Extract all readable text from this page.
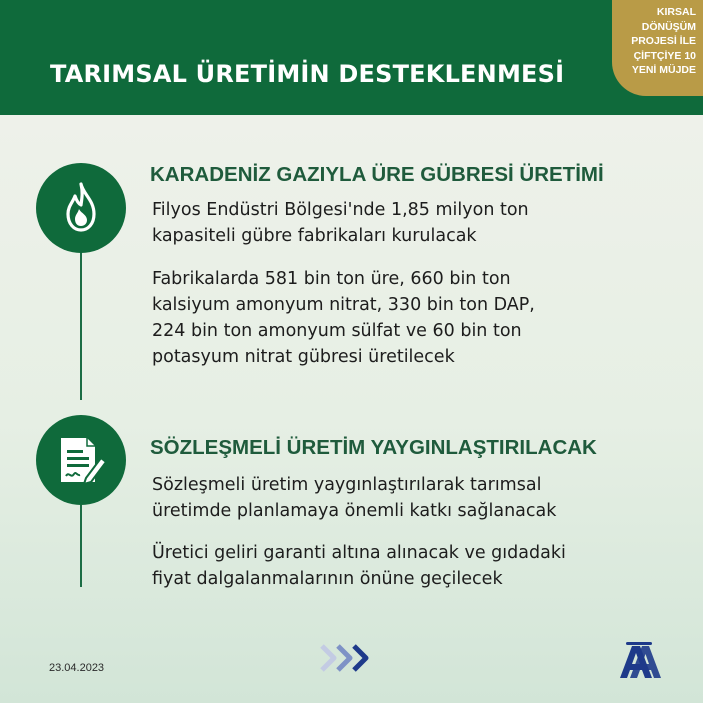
TARIMSAL ÜRETİMİN DESTEKLENMESİ
KIRSAL
DÖNÜŞÜM
PROJESİ İLE
ÇİFTÇİYE 10
YENİ MÜJDE
KARADENİZ GAZIYLA ÜRE GÜBRESİ ÜRETİMİ
Filyos Endüstri Bölgesi'nde 1,85 milyon ton
kapasiteli gübre fabrikaları kurulacak
Fabrikalarda 581 bin ton üre, 660 bin ton
kalsiyum amonyum nitrat, 330 bin ton DAP,
224 bin ton amonyum sülfat ve 60 bin ton
potasyum nitrat gübresi üretilecek
SÖZLEŞMELİ ÜRETİM YAYGINLAŞTIRILACAK
Sözleşmeli üretim yaygınlaştırılarak tarımsal
üretimde planlamaya önemli katkı sağlanacak
Üretici geliri garanti altına alınacak ve gıdadaki
fiyat dalgalanmalarının önüne geçilecek
23.04.2023
